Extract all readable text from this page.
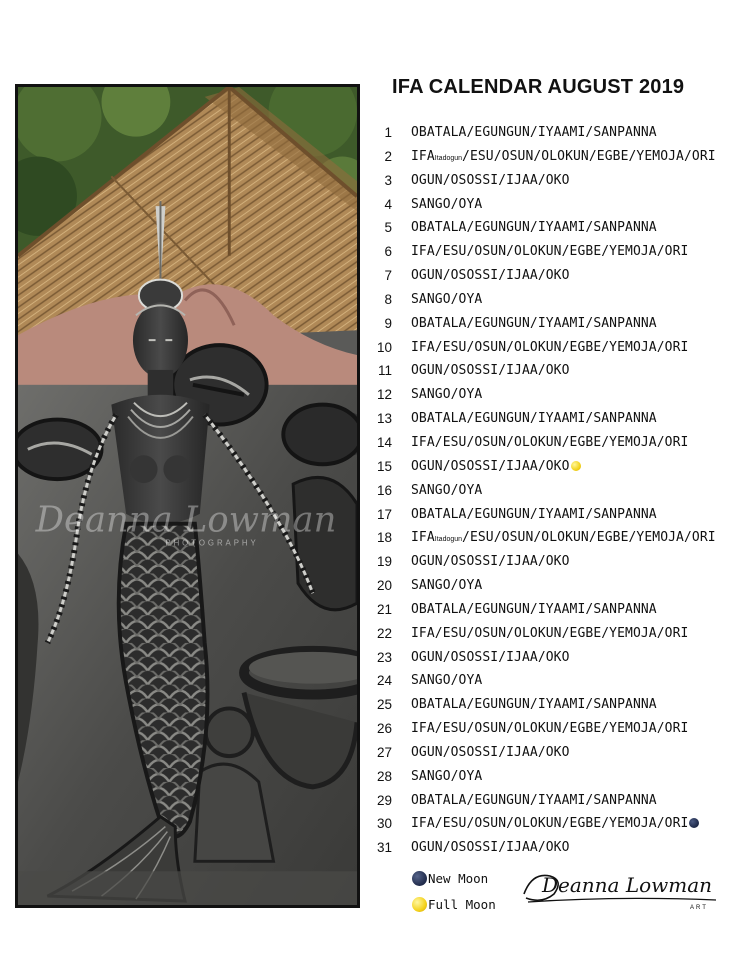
Deanna Lowman
PHOTOGRAPHY
IFA CALENDAR AUGUST 2019
1 OBATALA/EGUNGUN/IYAAMI/SANPANNA
2 IFAItadogun/ESU/OSUN/OLOKUN/EGBE/YEMOJA/ORI
3 OGUN/OSOSSI/IJAA/OKO
4 SANGO/OYA
5 OBATALA/EGUNGUN/IYAAMI/SANPANNA
6 IFA/ESU/OSUN/OLOKUN/EGBE/YEMOJA/ORI
7 OGUN/OSOSSI/IJAA/OKO
8 SANGO/OYA
9 OBATALA/EGUNGUN/IYAAMI/SANPANNA
10 IFA/ESU/OSUN/OLOKUN/EGBE/YEMOJA/ORI
11 OGUN/OSOSSI/IJAA/OKO
12 SANGO/OYA
13 OBATALA/EGUNGUN/IYAAMI/SANPANNA
14 IFA/ESU/OSUN/OLOKUN/EGBE/YEMOJA/ORI
15 OGUN/OSOSSI/IJAA/OKO
16 SANGO/OYA
17 OBATALA/EGUNGUN/IYAAMI/SANPANNA
18 IFAItadogun/ESU/OSUN/OLOKUN/EGBE/YEMOJA/ORI
19 OGUN/OSOSSI/IJAA/OKO
20 SANGO/OYA
21 OBATALA/EGUNGUN/IYAAMI/SANPANNA
22 IFA/ESU/OSUN/OLOKUN/EGBE/YEMOJA/ORI
23 OGUN/OSOSSI/IJAA/OKO
24 SANGO/OYA
25 OBATALA/EGUNGUN/IYAAMI/SANPANNA
26 IFA/ESU/OSUN/OLOKUN/EGBE/YEMOJA/ORI
27 OGUN/OSOSSI/IJAA/OKO
28 SANGO/OYA
29 OBATALA/EGUNGUN/IYAAMI/SANPANNA
30 IFA/ESU/OSUN/OLOKUN/EGBE/YEMOJA/ORI
31 OGUN/OSOSSI/IJAA/OKO
New Moon
Full Moon
Deanna Lowman
ART
